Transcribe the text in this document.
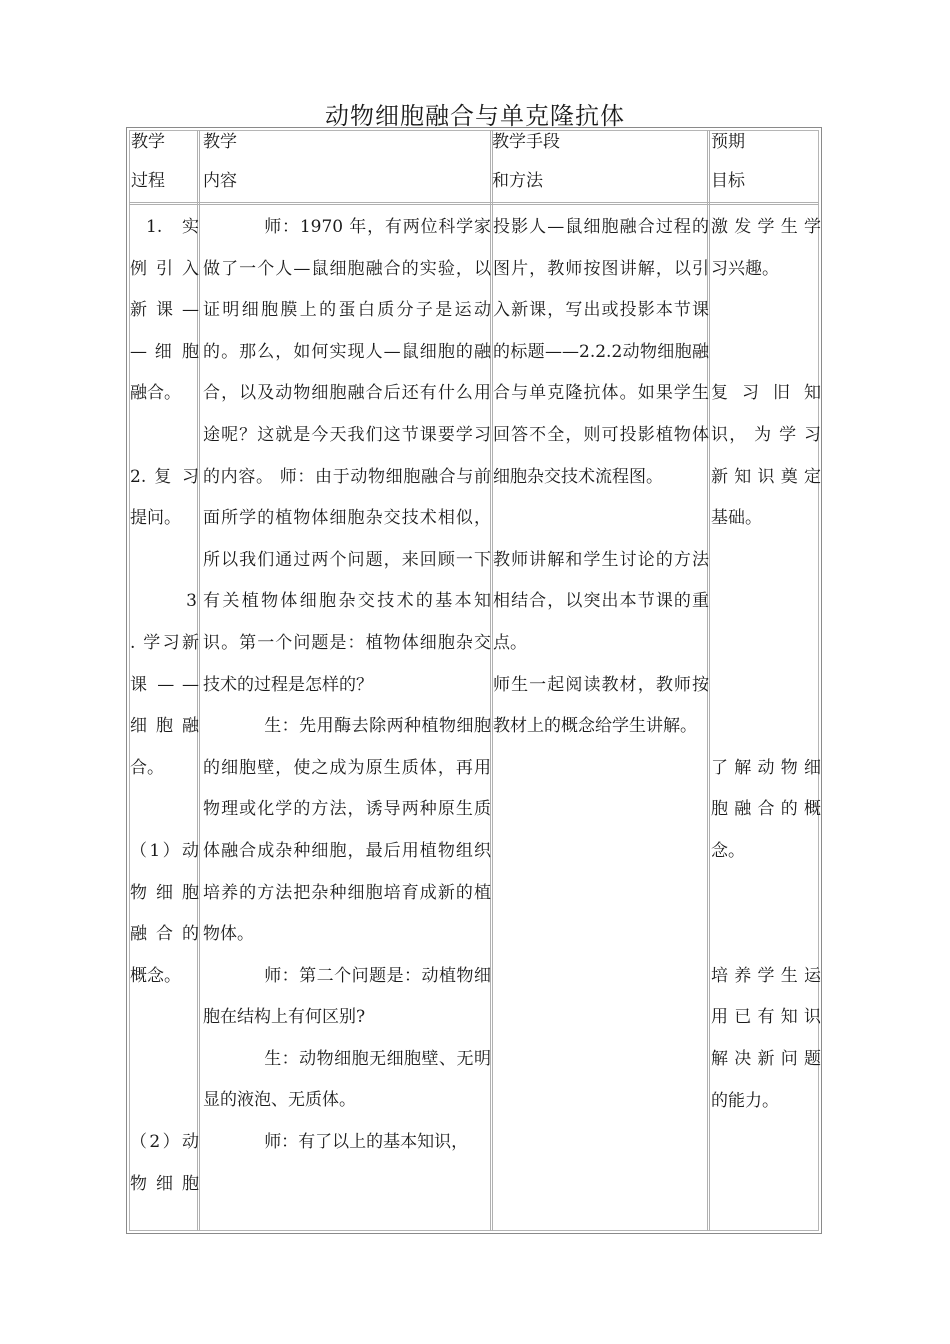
动物细胞融合与单克隆抗体
教学
过程
教学
内容
教学手段
和方法
预期
目标
1. 实
例 引 入
新 课 —
— 细 胞
融合。
2. 复 习
提问。
3
. 学习新
课 — —
细 胞 融
合。
（1）动
物 细 胞
融 合 的
概念。
（2）动
物 细 胞

师：1970 年，有两位科学家做了一个人—鼠细胞融合的实验，以证明细胞膜上的蛋白质分子是运动的。那么，如何实现人—鼠细胞的融合，以及动物细胞融合后还有什么用途呢？这就是今天我们这节课要学习的内容。 师：由于动物细胞融合与前面所学的植物体细胞杂交技术相似，所以我们通过两个问题，来回顾一下有关植物体细胞杂交技术的基本知识。第一个问题是：植物体细胞杂交技术的过程是怎样的？

生：先用酶去除两种植物细胞的细胞壁，使之成为原生质体，再用物理或化学的方法，诱导两种原生质体融合成杂种细胞，最后用植物组织培养的方法把杂种细胞培育成新的植物体。

师：第二个问题是：动植物细胞在结构上有何区别?

生：动物细胞无细胞壁、无明显的液泡、无质体。

师：有了以上的基本知识，

投影人—鼠细胞融合过程的图片，教师按图讲解，以引入新课，写出或投影本节课的标题——2.2.2动物细胞融合与单克隆抗体。如果学生回答不全，则可投影植物体细胞杂交技术流程图。

教师讲解和学生讨论的方法相结合，以突出本节课的重点。

师生一起阅读教材，教师按教材上的概念给学生讲解。

激 发 学 生 学
习兴趣。
复 习 旧 知
识， 为 学 习
新 知 识 奠 定
基础。
了 解 动 物 细
胞 融 合 的 概
念。
培 养 学 生 运
用 已 有 知 识
解 决 新 问 题
的能力。
